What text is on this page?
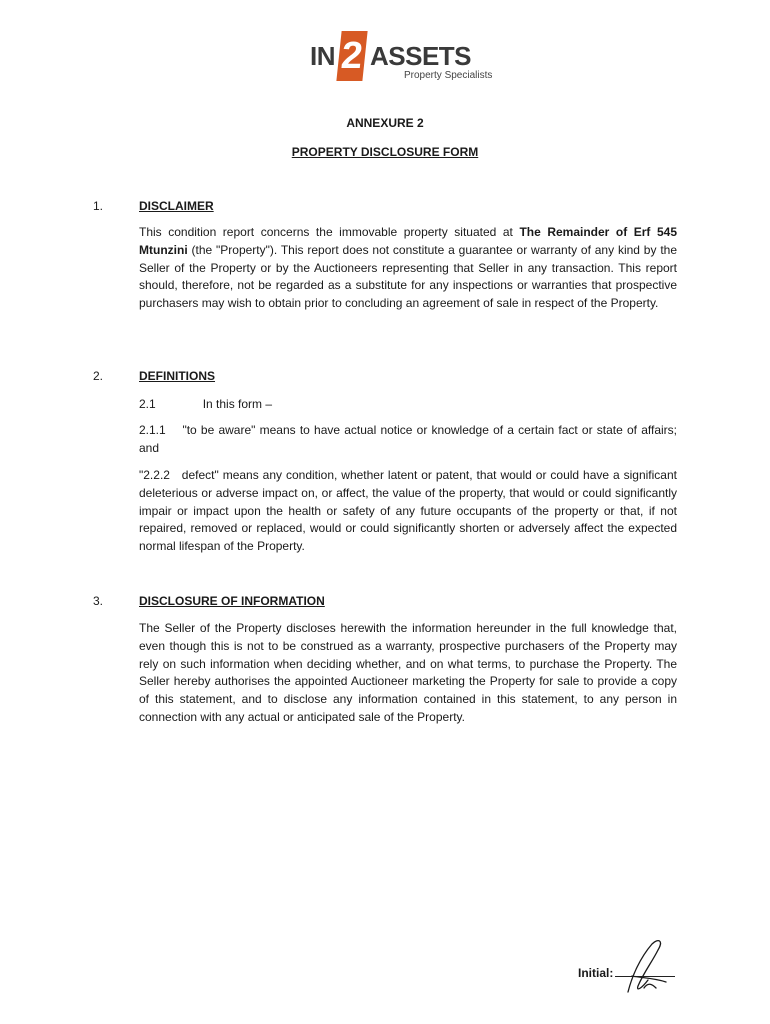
IN 2 ASSETS
Property Specialists
ANNEXURE 2
PROPERTY DISCLOSURE FORM
1.	DISCLAIMER

This condition report concerns the immovable property situated at The Remainder of Erf 545 Mtunzini (the "Property"). This report does not constitute a guarantee or warranty of any kind by the Seller of the Property or by the Auctioneers representing that Seller in any transaction. This report should, therefore, not be regarded as a substitute for any inspections or warranties that prospective purchasers may wish to obtain prior to concluding an agreement of sale in respect of the Property.

2.	DEFINITIONS
2.1	In this form –

2.1.1    "to be aware" means to have actual notice or knowledge of a certain fact or state of affairs; and

"2.2.2   defect" means any condition, whether latent or patent, that would or could have a significant deleterious or adverse impact on, or affect, the value of the property, that would or could significantly impair or impact upon the health or safety of any future occupants of the property or that, if not repaired, removed or replaced, would or could significantly shorten or adversely affect the expected normal lifespan of the Property.

3.	DISCLOSURE OF INFORMATION

The Seller of the Property discloses herewith the information hereunder in the full knowledge that, even though this is not to be construed as a warranty, prospective purchasers of the Property may rely on such information when deciding whether, and on what terms, to purchase the Property. The Seller hereby authorises the appointed Auctioneer marketing the Property for sale to provide a copy of this statement, and to disclose any information contained in this statement, to any person in connection with any actual or anticipated sale of the Property.

Initial:
